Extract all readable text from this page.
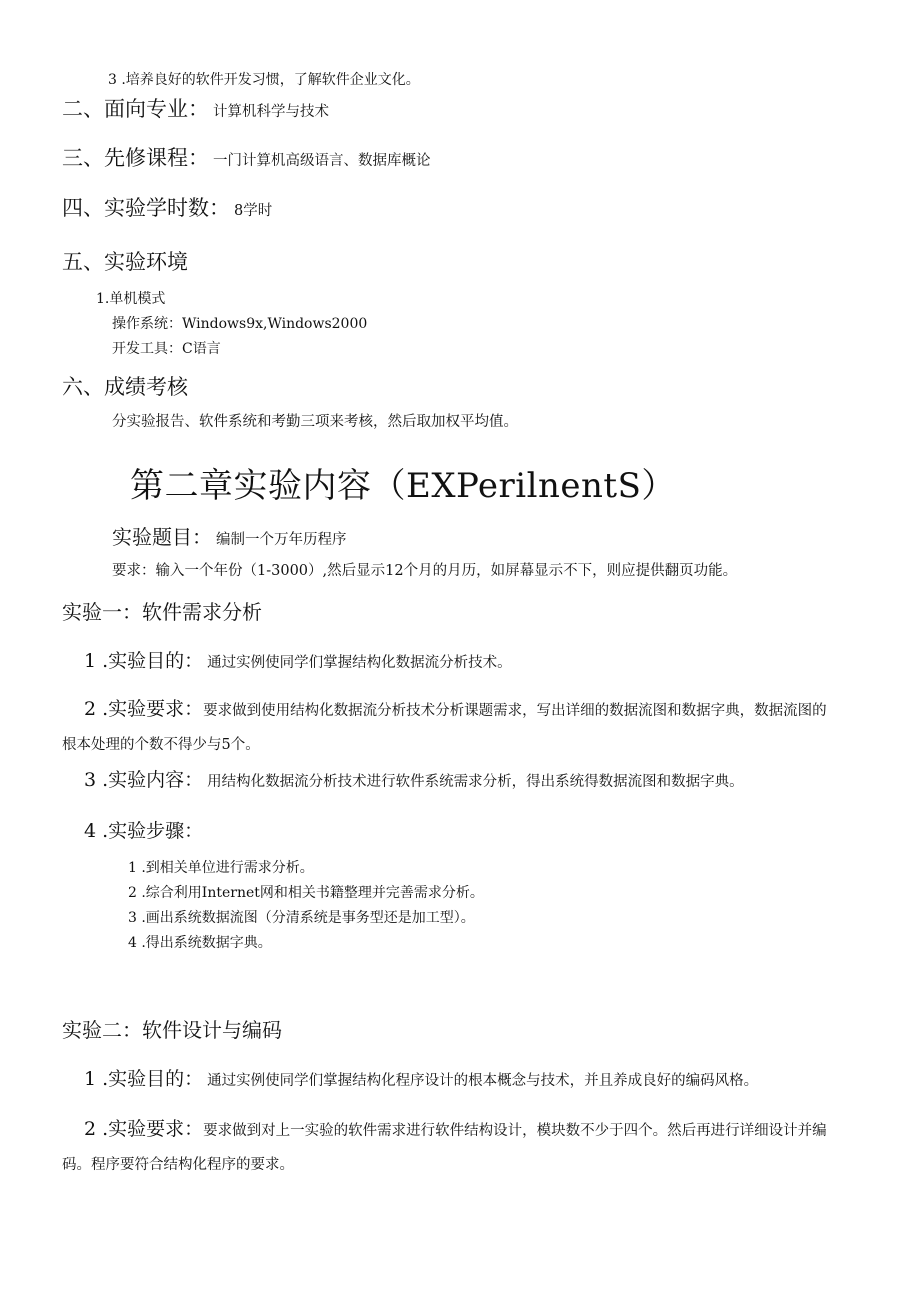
3 .培养良好的软件开发习惯，了解软件企业文化。
二、面向专业： 计算机科学与技术
三、先修课程： 一门计算机高级语言、数据库概论
四、实验学时数： 8学时
五、实验环境
1.单机模式
操作系统：Windows9x,Windows2000
开发工具：C语言
六、成绩考核
分实验报告、软件系统和考勤三项来考核，然后取加权平均值。
第二章实验内容（EXPerilnentS）
实验题目： 编制一个万年历程序
要求：输入一个年份（1-3000）,然后显示12个月的月历，如屏幕显示不下，则应提供翻页功能。
实验一：软件需求分析
1 .实验目的： 通过实例使同学们掌握结构化数据流分析技术。
2 .实验要求：要求做到使用结构化数据流分析技术分析课题需求，写出详细的数据流图和数据字典，数据流图的根本处理的个数不得少与5个。
3 .实验内容： 用结构化数据流分析技术进行软件系统需求分析，得出系统得数据流图和数据字典。
4 .实验步骤：
1 .到相关单位进行需求分析。
2 .综合利用Internet网和相关书籍整理并完善需求分析。
3 .画出系统数据流图（分清系统是事务型还是加工型）。
4 .得出系统数据字典。
实验二：软件设计与编码
1 .实验目的： 通过实例使同学们掌握结构化程序设计的根本概念与技术，并且养成良好的编码风格。
2 .实验要求：要求做到对上一实验的软件需求进行软件结构设计，模块数不少于四个。然后再进行详细设计并编码。程序要符合结构化程序的要求。
